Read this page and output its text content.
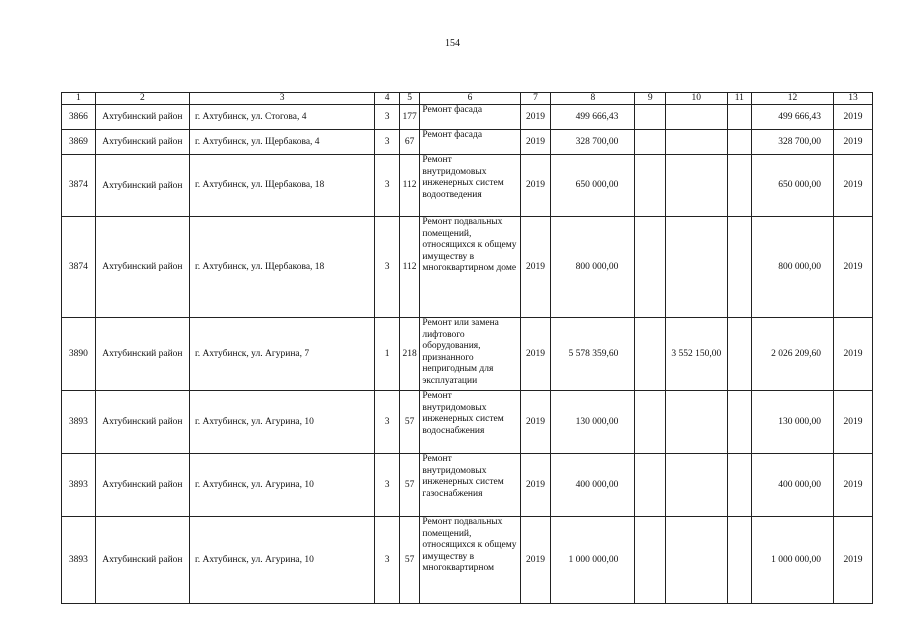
154
1	2	3	4	5	6	7	8	9	10	11	12	13
3866	Ахтубинский район	г. Ахтубинск, ул. Стогова, 4	3	177	Ремонт фасада	2019	499 666,43				499 666,43	2019
3869	Ахтубинский район	г. Ахтубинск, ул. Щербакова, 4	3	67	Ремонт фасада	2019	328 700,00				328 700,00	2019
3874	Ахтубинский район	г. Ахтубинск, ул. Щербакова, 18	3	112	Ремонт внутридомовых инженерных систем водоотведения	2019	650 000,00				650 000,00	2019
3874	Ахтубинский район	г. Ахтубинск, ул. Щербакова, 18	3	112	Ремонт подвальных помещений, относящихся к общему имуществу в многоквартирном доме	2019	800 000,00				800 000,00	2019
3890	Ахтубинский район	г. Ахтубинск, ул. Агурина, 7	1	218	Ремонт или замена лифтового оборудования, признанного непригодным для эксплуатации	2019	5 578 359,60		3 552 150,00		2 026 209,60	2019
3893	Ахтубинский район	г. Ахтубинск, ул. Агурина, 10	3	57	Ремонт внутридомовых инженерных систем водоснабжения	2019	130 000,00				130 000,00	2019
3893	Ахтубинский район	г. Ахтубинск, ул. Агурина, 10	3	57	Ремонт внутридомовых инженерных систем газоснабжения	2019	400 000,00				400 000,00	2019
3893	Ахтубинский район	г. Ахтубинск, ул. Агурина, 10	3	57	Ремонт подвальных помещений, относящихся к общему имуществу в многоквартирном	2019	1 000 000,00				1 000 000,00	2019
